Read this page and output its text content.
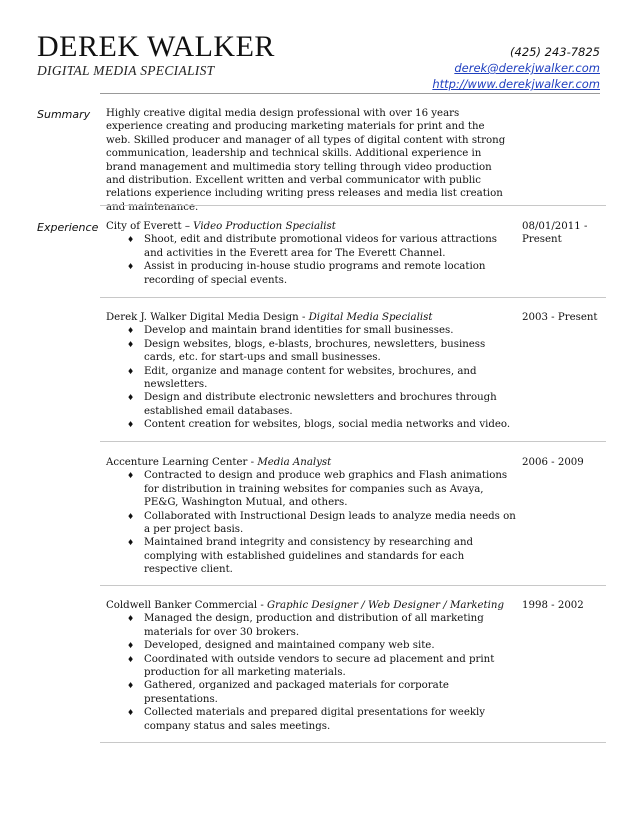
DEREK WALKER
DIGITAL MEDIA SPECIALIST
(425) 243-7825
derek@derekjwalker.com
http://www.derekjwalker.com
Summary Highly creative digital media design professional with over 16 years experience creating and producing marketing materials for print and the web. Skilled producer and manager of all types of digital content with strong communication, leadership and technical skills. Additional experience in brand management and multimedia story telling through video production and distribution. Excellent written and verbal communicator with public relations experience including writing press releases and media list creation and maintenance.
Experience City of Everett – Video Production Specialist
♦ Shoot, edit and distribute promotional videos for various attractions and activities in the Everett area for The Everett Channel.
♦ Assist in producing in-house studio programs and remote location recording of special events.
08/01/2011 -
Present
Derek J. Walker Digital Media Design - Digital Media Specialist
♦ Develop and maintain brand identities for small businesses.
♦ Design websites, blogs, e-blasts, brochures, newsletters, business cards, etc. for start-ups and small businesses.
♦ Edit, organize and manage content for websites, brochures, and newsletters.
♦ Design and distribute electronic newsletters and brochures through established email databases.
♦ Content creation for websites, blogs, social media networks and video.
2003 - Present
Accenture Learning Center - Media Analyst
♦ Contracted to design and produce web graphics and Flash animations for distribution in training websites for companies such as Avaya, PE&G, Washington Mutual, and others.
♦ Collaborated with Instructional Design leads to analyze media needs on a per project basis.
♦ Maintained brand integrity and consistency by researching and complying with established guidelines and standards for each respective client.
2006 - 2009
Coldwell Banker Commercial - Graphic Designer / Web Designer / Marketing
♦ Managed the design, production and distribution of all marketing materials for over 30 brokers.
♦ Developed, designed and maintained company web site.
♦ Coordinated with outside vendors to secure ad placement and print production for all marketing materials.
♦ Gathered, organized and packaged materials for corporate presentations.
♦ Collected materials and prepared digital presentations for weekly company status and sales meetings.
1998 - 2002
